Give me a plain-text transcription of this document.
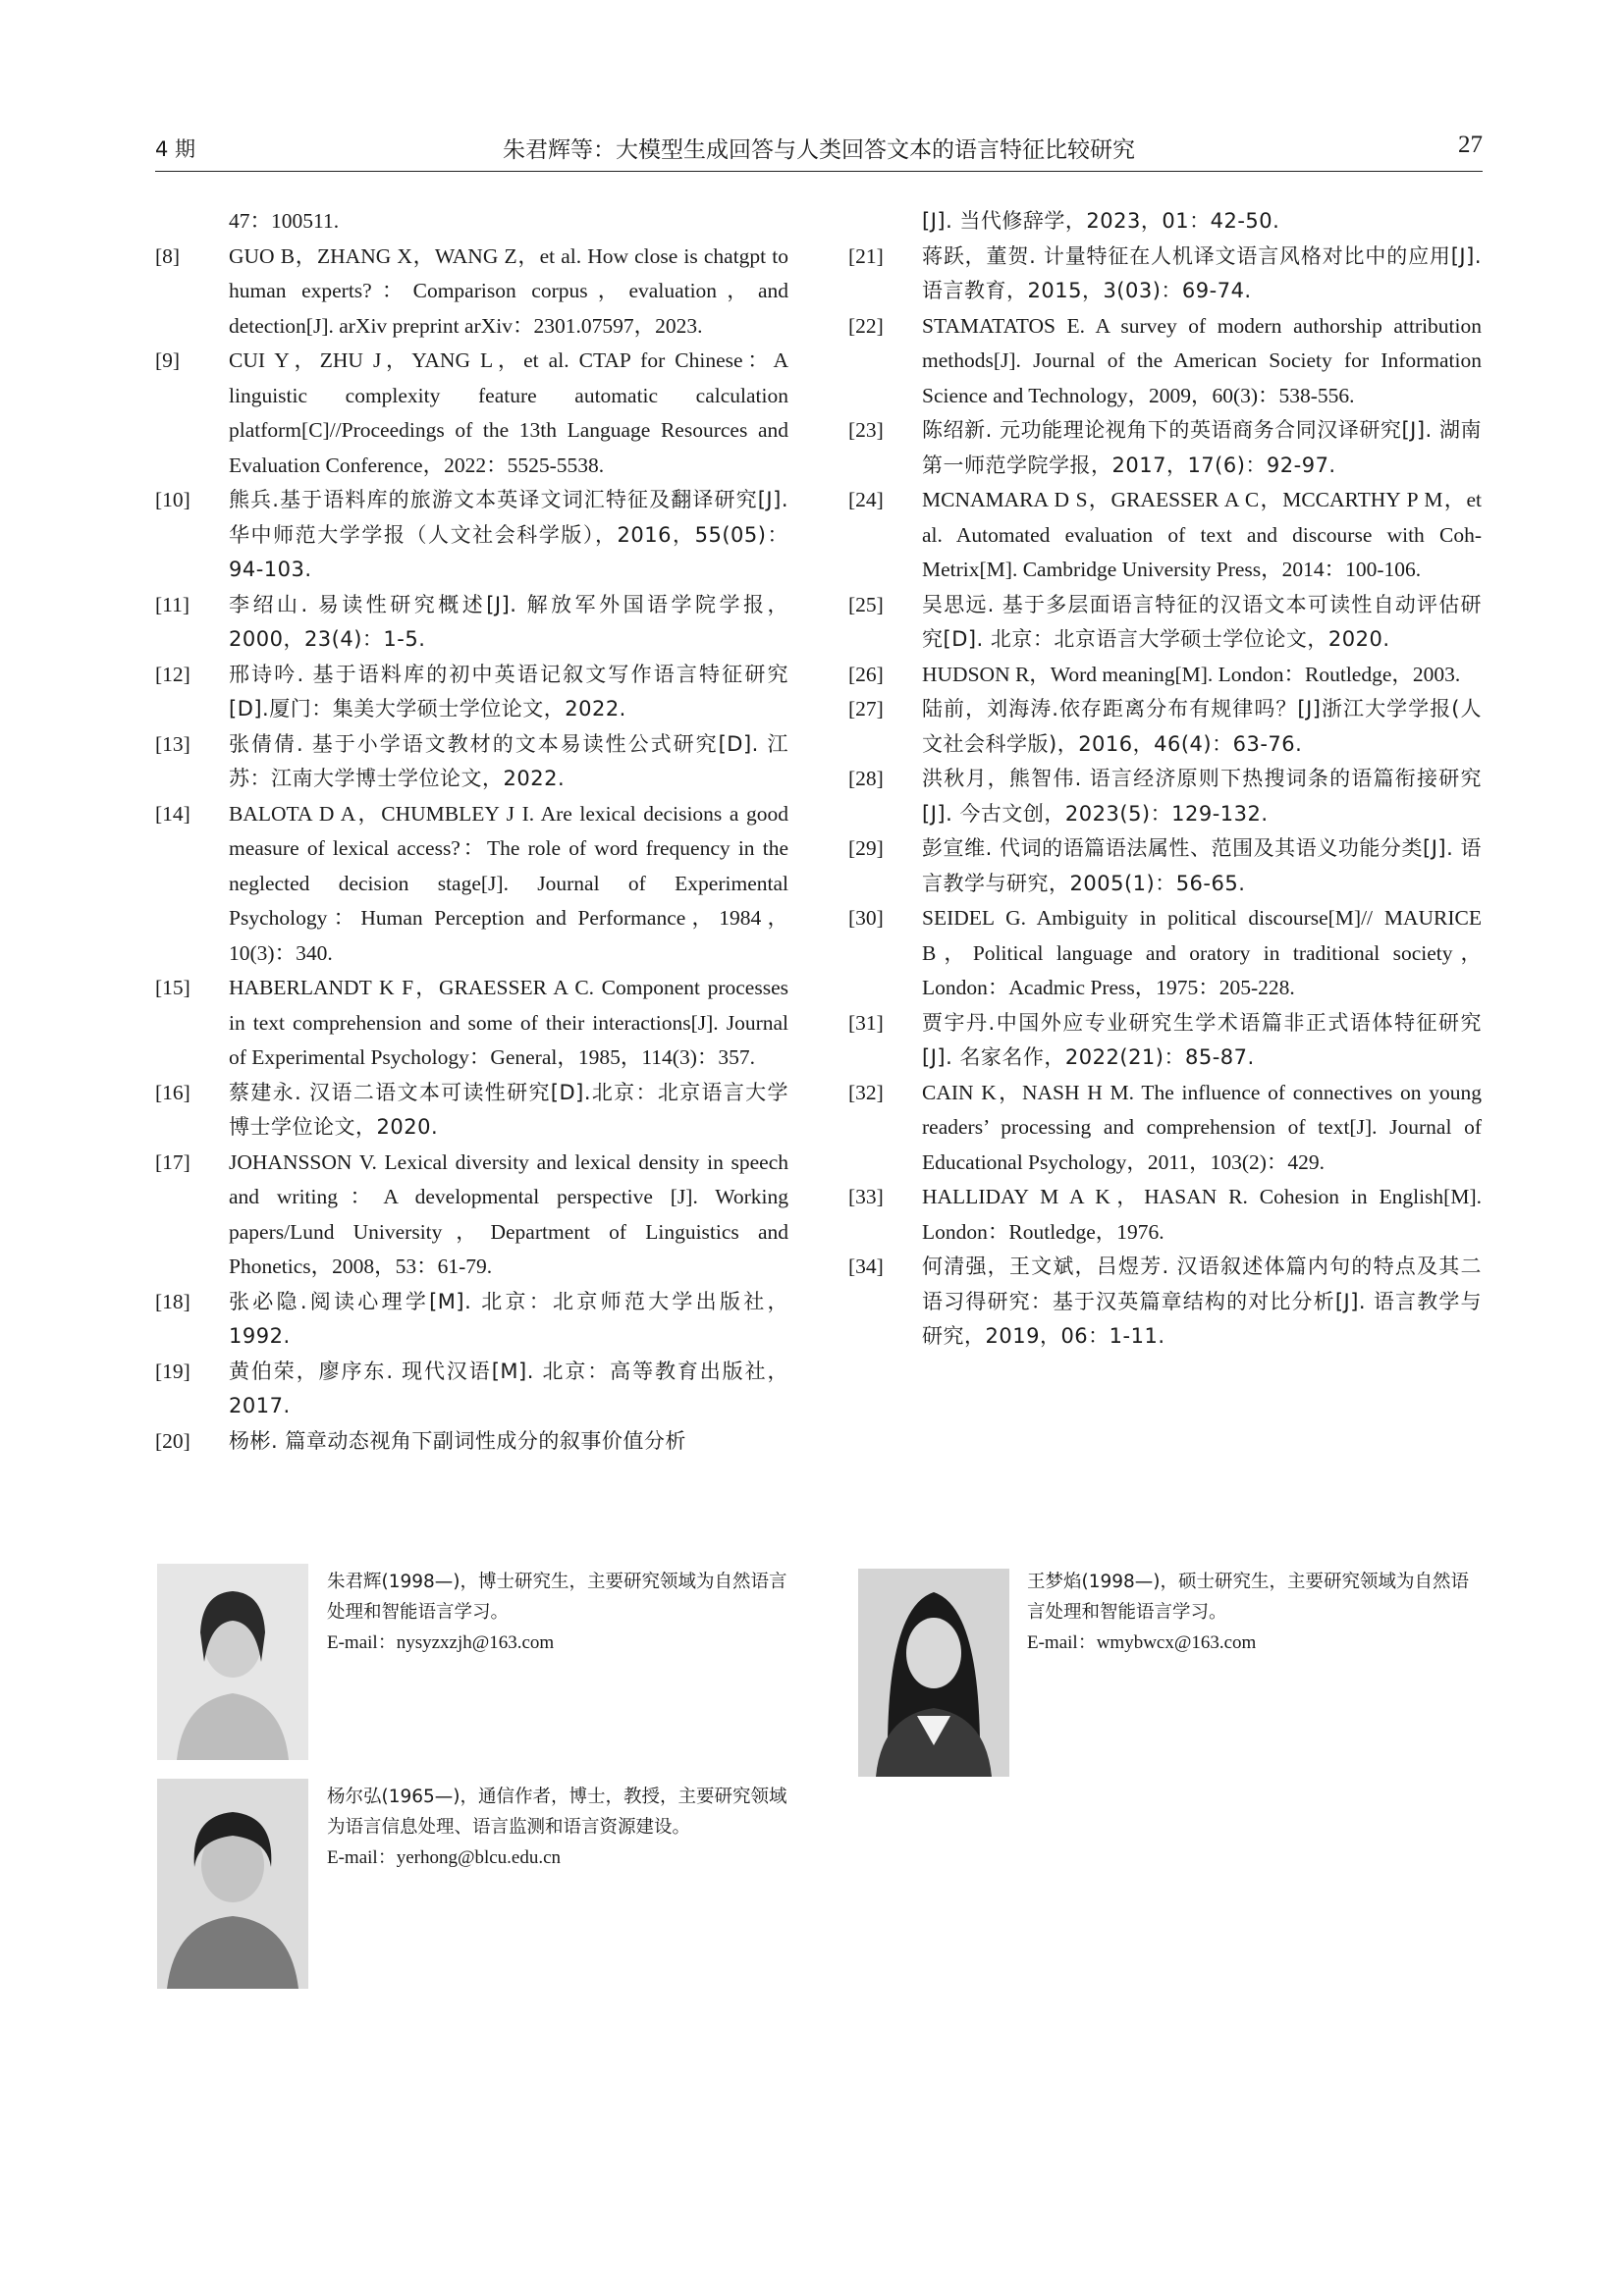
4 期	朱君辉等：大模型生成回答与人类回答文本的语言特征比较研究	27
47：100511.
[8]	GUO B，ZHANG X，WANG Z，et al. How close is chatgpt to human experts?：Comparison corpus，evaluation，and detection[J]. arXiv preprint arXiv：2301.07597，2023.
[9]	CUI Y，ZHU J，YANG L，et al. CTAP for Chinese：A linguistic complexity feature automatic calculation platform[C]//Proceedings of the 13th Language Resources and Evaluation Conference，2022：5525-5538.
[10]	熊兵.基于语料库的旅游文本英译文词汇特征及翻译研究[J]. 华中师范大学学报（人文社会科学版），2016，55(05)：94-103.
[11]	李绍山. 易读性研究概述[J]. 解放军外国语学院学报，2000，23(4)：1-5.
[12]	邢诗吟. 基于语料库的初中英语记叙文写作语言特征研究[D].厦门：集美大学硕士学位论文，2022.
[13]	张倩倩. 基于小学语文教材的文本易读性公式研究[D]. 江苏：江南大学博士学位论文，2022.
[14]	BALOTA D A，CHUMBLEY J I. Are lexical decisions a good measure of lexical access?：The role of word frequency in the neglected decision stage[J]. Journal of Experimental Psychology：Human Perception and Performance，1984，10(3)：340.
[15]	HABERLANDT K F，GRAESSER A C. Component processes in text comprehension and some of their interactions[J]. Journal of Experimental Psychology：General，1985，114(3)：357.
[16]	蔡建永. 汉语二语文本可读性研究[D].北京：北京语言大学博士学位论文，2020.
[17]	JOHANSSON V. Lexical diversity and lexical density in speech and writing：A developmental perspective [J]. Working papers/Lund University，Department of Linguistics and Phonetics，2008，53：61-79.
[18]	张必隐.阅读心理学[M]. 北京：北京师范大学出版社，1992.
[19]	黄伯荣，廖序东. 现代汉语[M]. 北京：高等教育出版社，2017.
[20]	杨彬. 篇章动态视角下副词性成分的叙事价值分析
[J]. 当代修辞学，2023，01：42-50.
[21]	蒋跃，董贺. 计量特征在人机译文语言风格对比中的应用[J]. 语言教育，2015，3(03)：69-74.
[22]	STAMATATOS E. A survey of modern authorship attribution methods[J]. Journal of the American Society for Information Science and Technology，2009，60(3)：538-556.
[23]	陈绍新. 元功能理论视角下的英语商务合同汉译研究[J]. 湖南第一师范学院学报，2017，17(6)：92-97.
[24]	MCNAMARA D S，GRAESSER A C，MCCARTHY P M，et al. Automated evaluation of text and discourse with Coh-Metrix[M]. Cambridge University Press，2014：100-106.
[25]	吴思远. 基于多层面语言特征的汉语文本可读性自动评估研究[D]. 北京：北京语言大学硕士学位论文，2020.
[26]	HUDSON R，Word meaning[M]. London：Routledge，2003.
[27]	陆前，刘海涛.依存距离分布有规律吗？[J]浙江大学学报(人文社会科学版)，2016，46(4)：63-76.
[28]	洪秋月，熊智伟. 语言经济原则下热搜词条的语篇衔接研究[J]. 今古文创，2023(5)：129-132.
[29]	彭宣维. 代词的语篇语法属性、范围及其语义功能分类[J]. 语言教学与研究，2005(1)：56-65.
[30]	SEIDEL G. Ambiguity in political discourse[M]// MAURICE B，Political language and oratory in traditional society，London：Acadmic Press，1975：205-228.
[31]	贾宇丹.中国外应专业研究生学术语篇非正式语体特征研究[J]. 名家名作，2022(21)：85-87.
[32]	CAIN K，NASH H M. The influence of connectives on young readers’ processing and comprehension of text[J]. Journal of Educational Psychology，2011，103(2)：429.
[33]	HALLIDAY M A K，HASAN R. Cohesion in English[M]. London：Routledge，1976.
[34]	何清强，王文斌，吕煜芳. 汉语叙述体篇内句的特点及其二语习得研究：基于汉英篇章结构的对比分析[J]. 语言教学与研究，2019，06：1-11.
朱君辉(1998—)，博士研究生，主要研究领域为自然语言处理和智能语言学习。
E-mail：nysyzxzjh@163.com
杨尔弘(1965—)，通信作者，博士，教授，主要研究领域为语言信息处理、语言监测和语言资源建设。
E-mail：yerhong@blcu.edu.cn
王梦焰(1998—)，硕士研究生，主要研究领域为自然语言处理和智能语言学习。
E-mail：wmybwcx@163.com
